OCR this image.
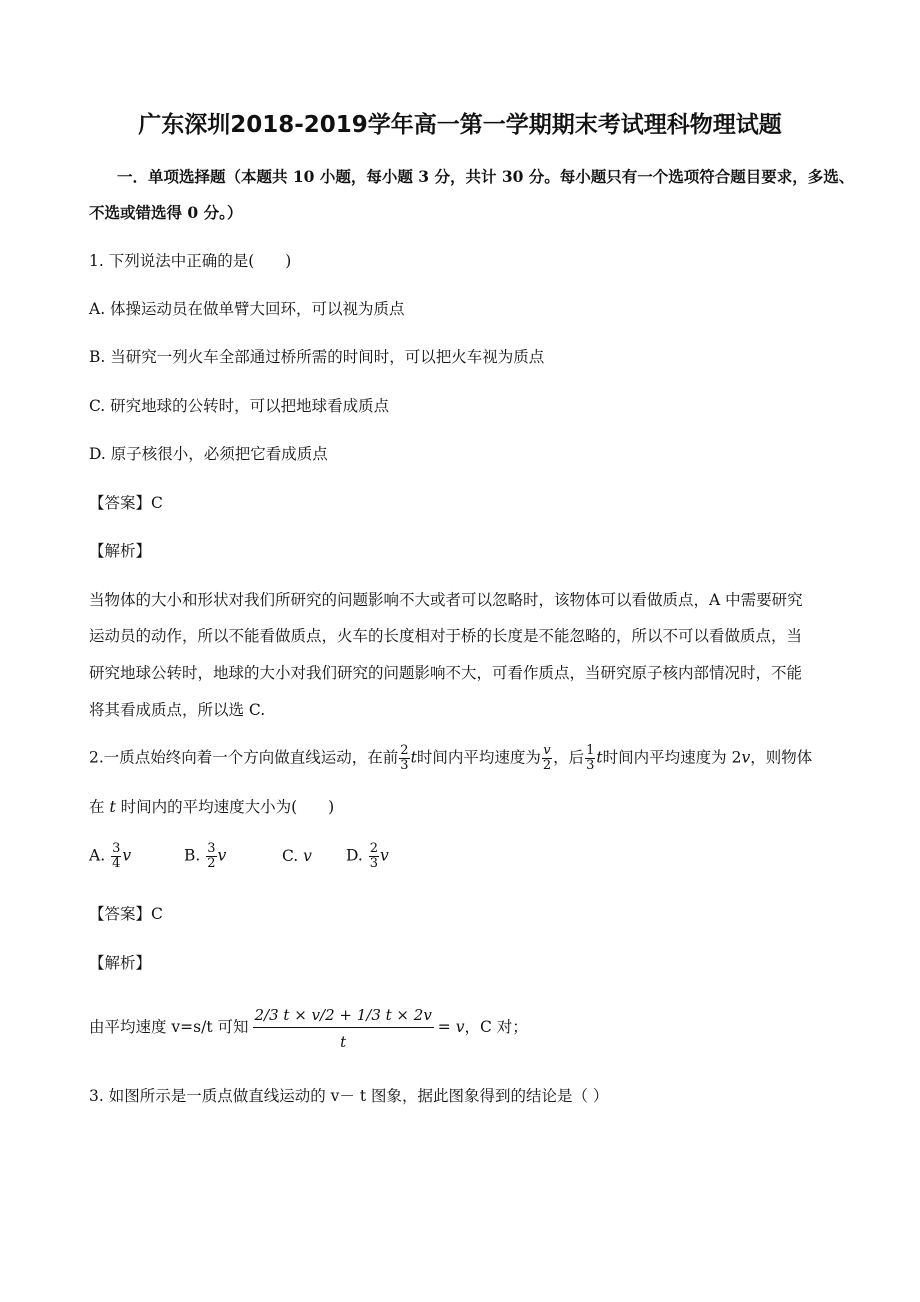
广东深圳2018-2019学年高一第一学期期末考试理科物理试题
一．单项选择题（本题共 10 小题，每小题 3 分，共计 30 分。每小题只有一个选项符合题目要求，多选、
不选或错选得 0 分。）
1. 下列说法中正确的是(　　)
A. 体操运动员在做单臂大回环，可以视为质点
B. 当研究一列火车全部通过桥所需的时间时，可以把火车视为质点
C. 研究地球的公转时，可以把地球看成质点
D. 原子核很小，必须把它看成质点
【答案】C
【解析】
当物体的大小和形状对我们所研究的问题影响不大或者可以忽略时，该物体可以看做质点，A 中需要研究
运动员的动作，所以不能看做质点，火车的长度相对于桥的长度是不能忽略的，所以不可以看做质点，当
研究地球公转时，地球的大小对我们研究的问题影响不大，可看作质点，当研究原子核内部情况时，不能
将其看成质点，所以选 C.
2.一质点始终向着一个方向做直线运动，在前 $\frac{2}{3}$ t时间内平均速度为 $\frac{v}{2}$ ，后 $\frac{1}{3}$ t时间内平均速度为 2v，则物体
在 t 时间内的平均速度大小为(　　)
A. $\frac{3}{4}$ v	B. $\frac{3}{2}$ v	C. v D. $\frac{2}{3}$ v
【答案】C
【解析】
由平均速度 v=s/t 可知 $\frac{2/3 t \times v/2 + 1/3 t \times 2v}{t} = v$，C 对；
3. 如图所示是一质点做直线运动的 v－ t 图象，据此图象得到的结论是（ ）
